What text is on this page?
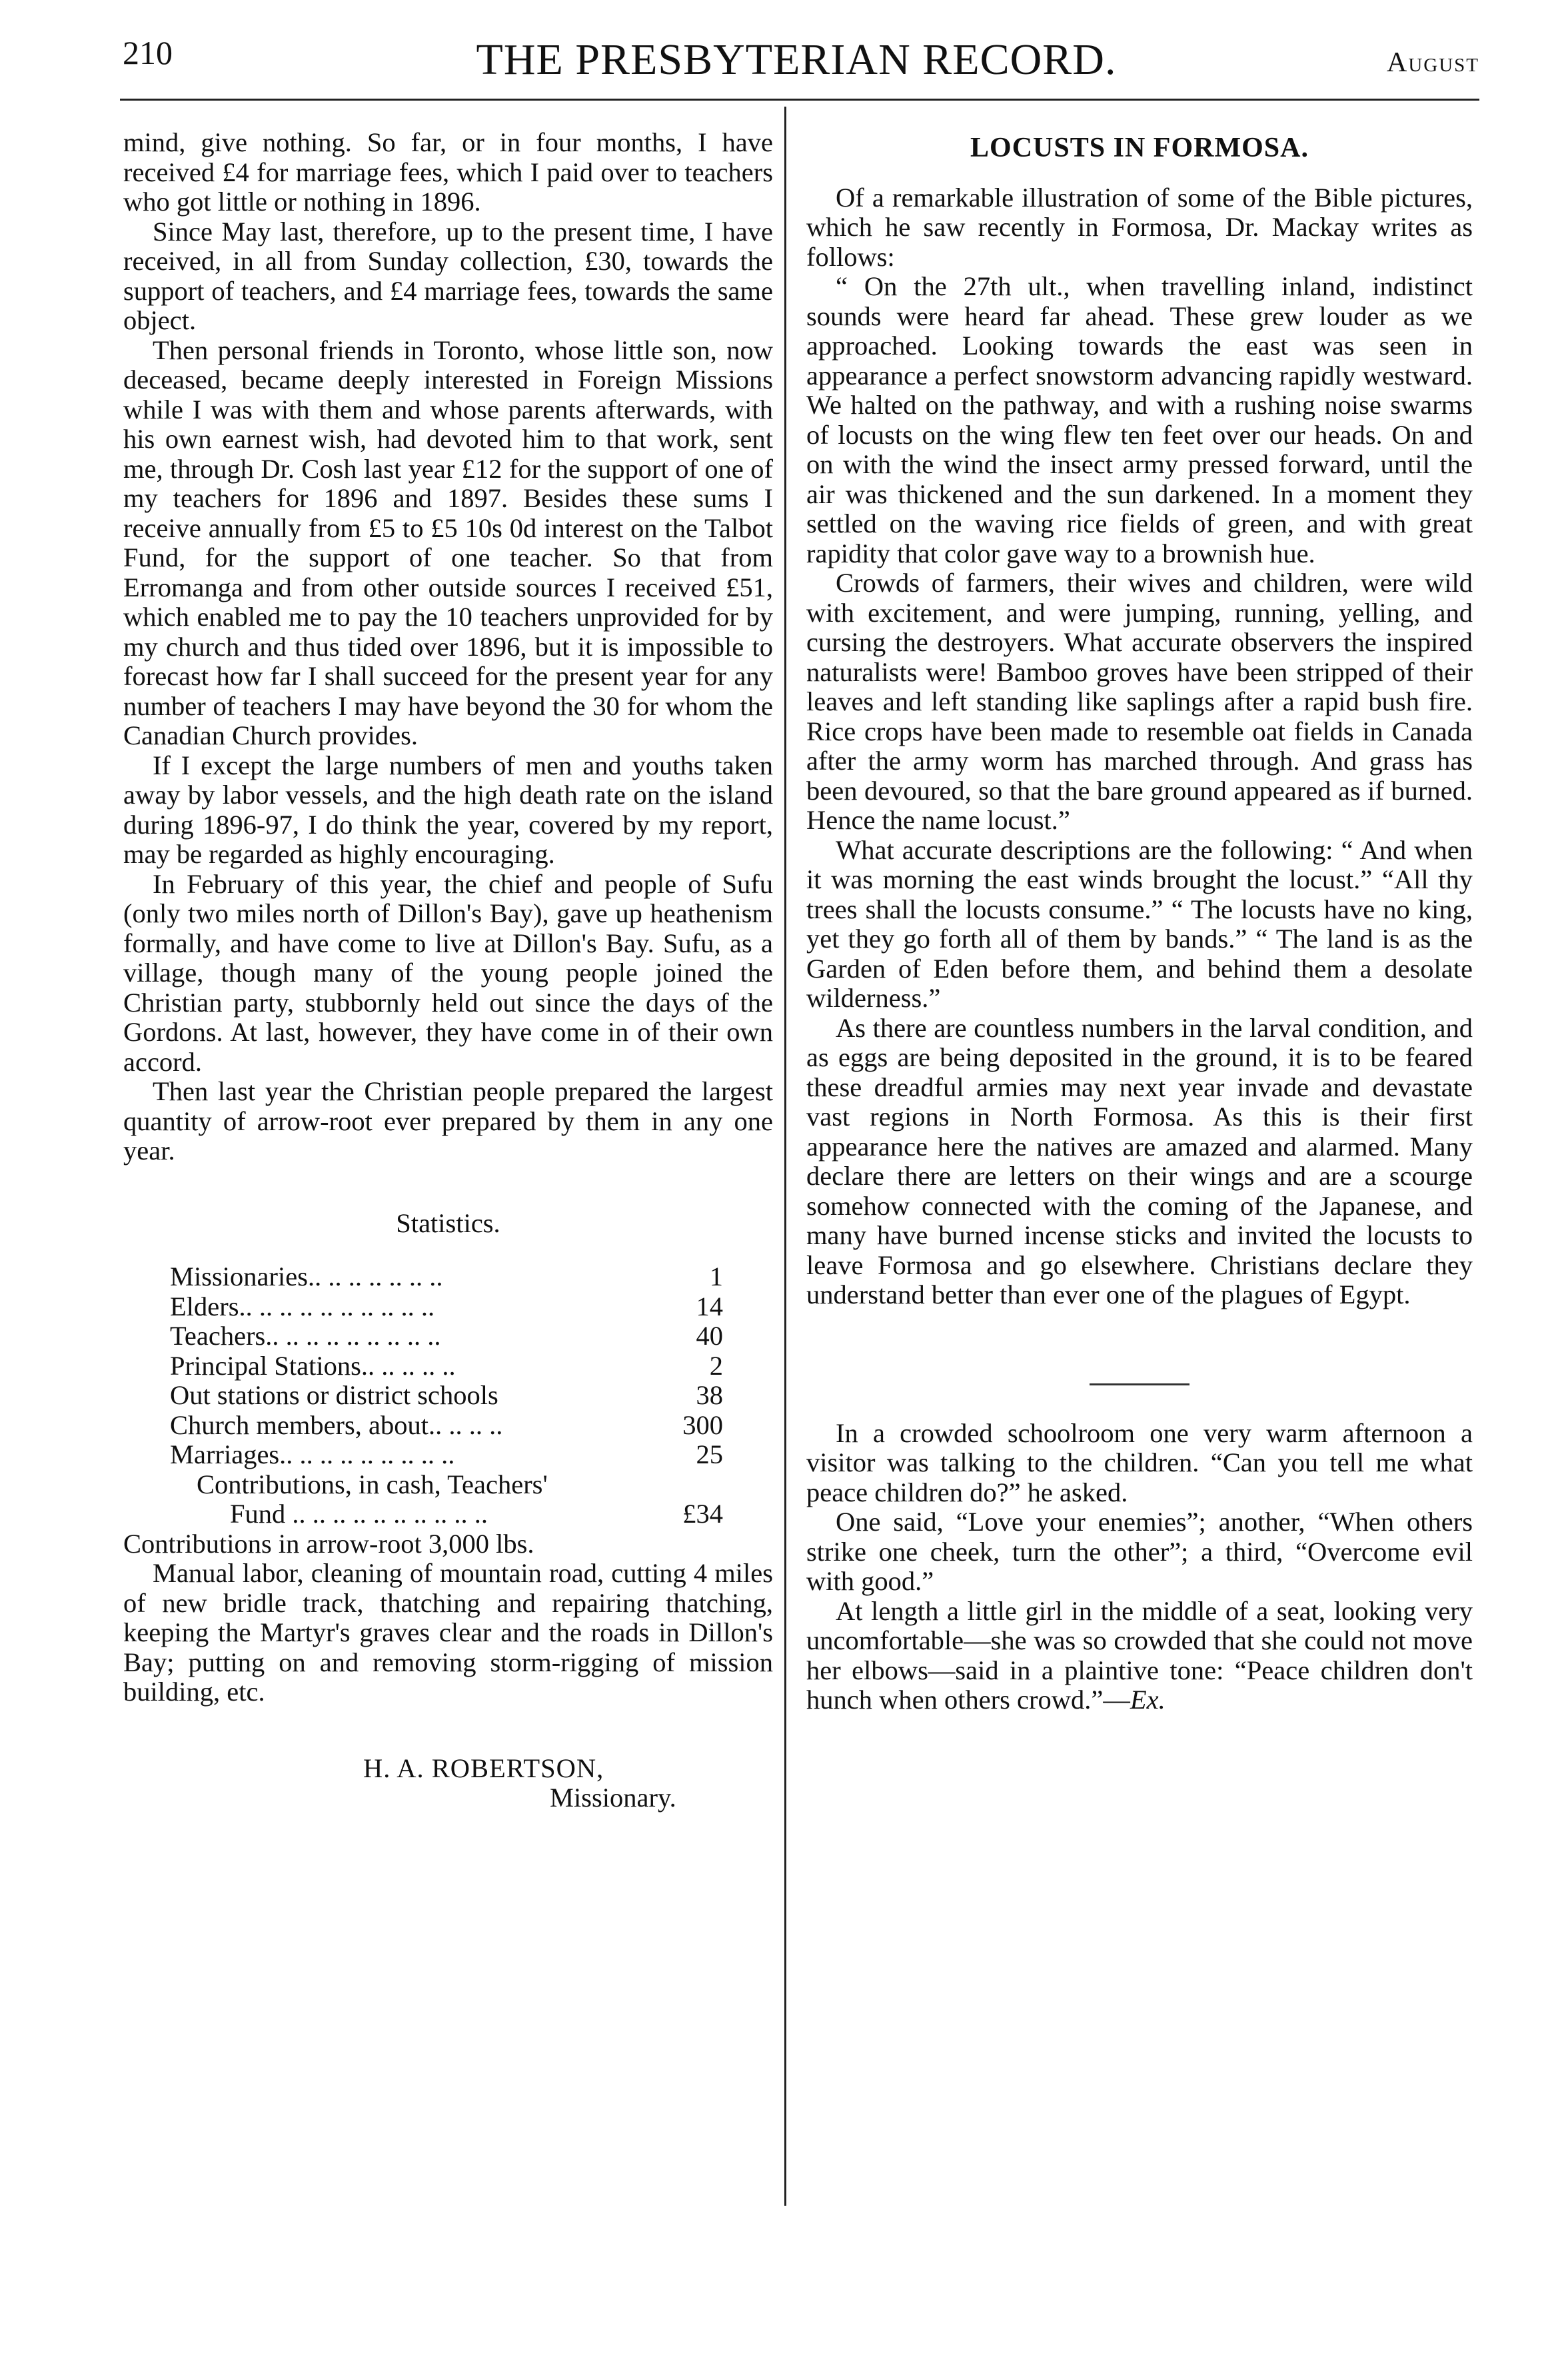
210	THE PRESBYTERIAN RECORD.	August

mind, give nothing. So far, or in four months, I have received £4 for marriage fees, which I paid over to teachers who got little or nothing in 1896.

Since May last, therefore, up to the present time, I have received, in all from Sunday collection, £30, towards the support of teachers, and £4 marriage fees, towards the same object.

Then personal friends in Toronto, whose little son, now deceased, became deeply interested in Foreign Missions while I was with them and whose parents afterwards, with his own earnest wish, had devoted him to that work, sent me, through Dr. Cosh last year £12 for the support of one of my teachers for 1896 and 1897. Besides these sums I receive annually from £5 to £5 10s 0d interest on the Talbot Fund, for the support of one teacher. So that from Erromanga and from other outside sources I received £51, which enabled me to pay the 10 teachers unprovided for by my church and thus tided over 1896, but it is impossible to forecast how far I shall succeed for the present year for any number of teachers I may have beyond the 30 for whom the Canadian Church provides.

If I except the large numbers of men and youths taken away by labor vessels, and the high death rate on the island during 1896-97, I do think the year, covered by my report, may be regarded as highly encouraging.

In February of this year, the chief and people of Sufu (only two miles north of Dillon's Bay), gave up heathenism formally, and have come to live at Dillon's Bay. Sufu, as a village, though many of the young people joined the Christian party, stubbornly held out since the days of the Gordons. At last, however, they have come in of their own accord.

Then last year the Christian people prepared the largest quantity of arrow-root ever prepared by them in any one year.

Statistics.
Missionaries.. .. .. .. .. .. ..	1
Elders.. .. .. .. .. .. .. .. .. ..	14
Teachers.. .. .. .. .. .. .. .. ..	40
Principal Stations.. .. .. .. ..	2
Out stations or district schools	38
Church members, about.. .. .. ..	300
Marriages.. .. .. .. .. .. .. .. ..	25
Contributions, in cash, Teachers'
Fund .. .. .. .. .. .. .. .. .. ..	£34
Contributions in arrow-root 3,000 lbs.

Manual labor, cleaning of mountain road, cutting 4 miles of new bridle track, thatching and repairing thatching, keeping the Martyr's graves clear and the roads in Dillon's Bay; putting on and removing storm-rigging of mission building, etc.

H. A. ROBERTSON,
Missionary.
LOCUSTS IN FORMOSA.

Of a remarkable illustration of some of the Bible pictures, which he saw recently in Formosa, Dr. Mackay writes as follows:

“ On the 27th ult., when travelling inland, indistinct sounds were heard far ahead. These grew louder as we approached. Looking towards the east was seen in appearance a perfect snowstorm advancing rapidly westward. We halted on the pathway, and with a rushing noise swarms of locusts on the wing flew ten feet over our heads. On and on with the wind the insect army pressed forward, until the air was thickened and the sun darkened. In a moment they settled on the waving rice fields of green, and with great rapidity that color gave way to a brownish hue.

Crowds of farmers, their wives and children, were wild with excitement, and were jumping, running, yelling, and cursing the destroyers. What accurate observers the inspired naturalists were! Bamboo groves have been stripped of their leaves and left standing like saplings after a rapid bush fire. Rice crops have been made to resemble oat fields in Canada after the army worm has marched through. And grass has been devoured, so that the bare ground appeared as if burned. Hence the name locust.”

What accurate descriptions are the following: “ And when it was morning the east winds brought the locust.” “All thy trees shall the locusts consume.” “ The locusts have no king, yet they go forth all of them by bands.” “ The land is as the Garden of Eden before them, and behind them a desolate wilderness.”

As there are countless numbers in the larval condition, and as eggs are being deposited in the ground, it is to be feared these dreadful armies may next year invade and devastate vast regions in North Formosa. As this is their first appearance here the natives are amazed and alarmed. Many declare there are letters on their wings and are a scourge somehow connected with the coming of the Japanese, and many have burned incense sticks and invited the locusts to leave Formosa and go elsewhere. Christians declare they understand better than ever one of the plagues of Egypt.

In a crowded schoolroom one very warm afternoon a visitor was talking to the children. “Can you tell me what peace children do?” he asked.

One said, “Love your enemies”; another, “When others strike one cheek, turn the other”; a third, “Overcome evil with good.”

At length a little girl in the middle of a seat, looking very uncomfortable—she was so crowded that she could not move her elbows—said in a plaintive tone: “Peace children don't hunch when others crowd.”—Ex.
